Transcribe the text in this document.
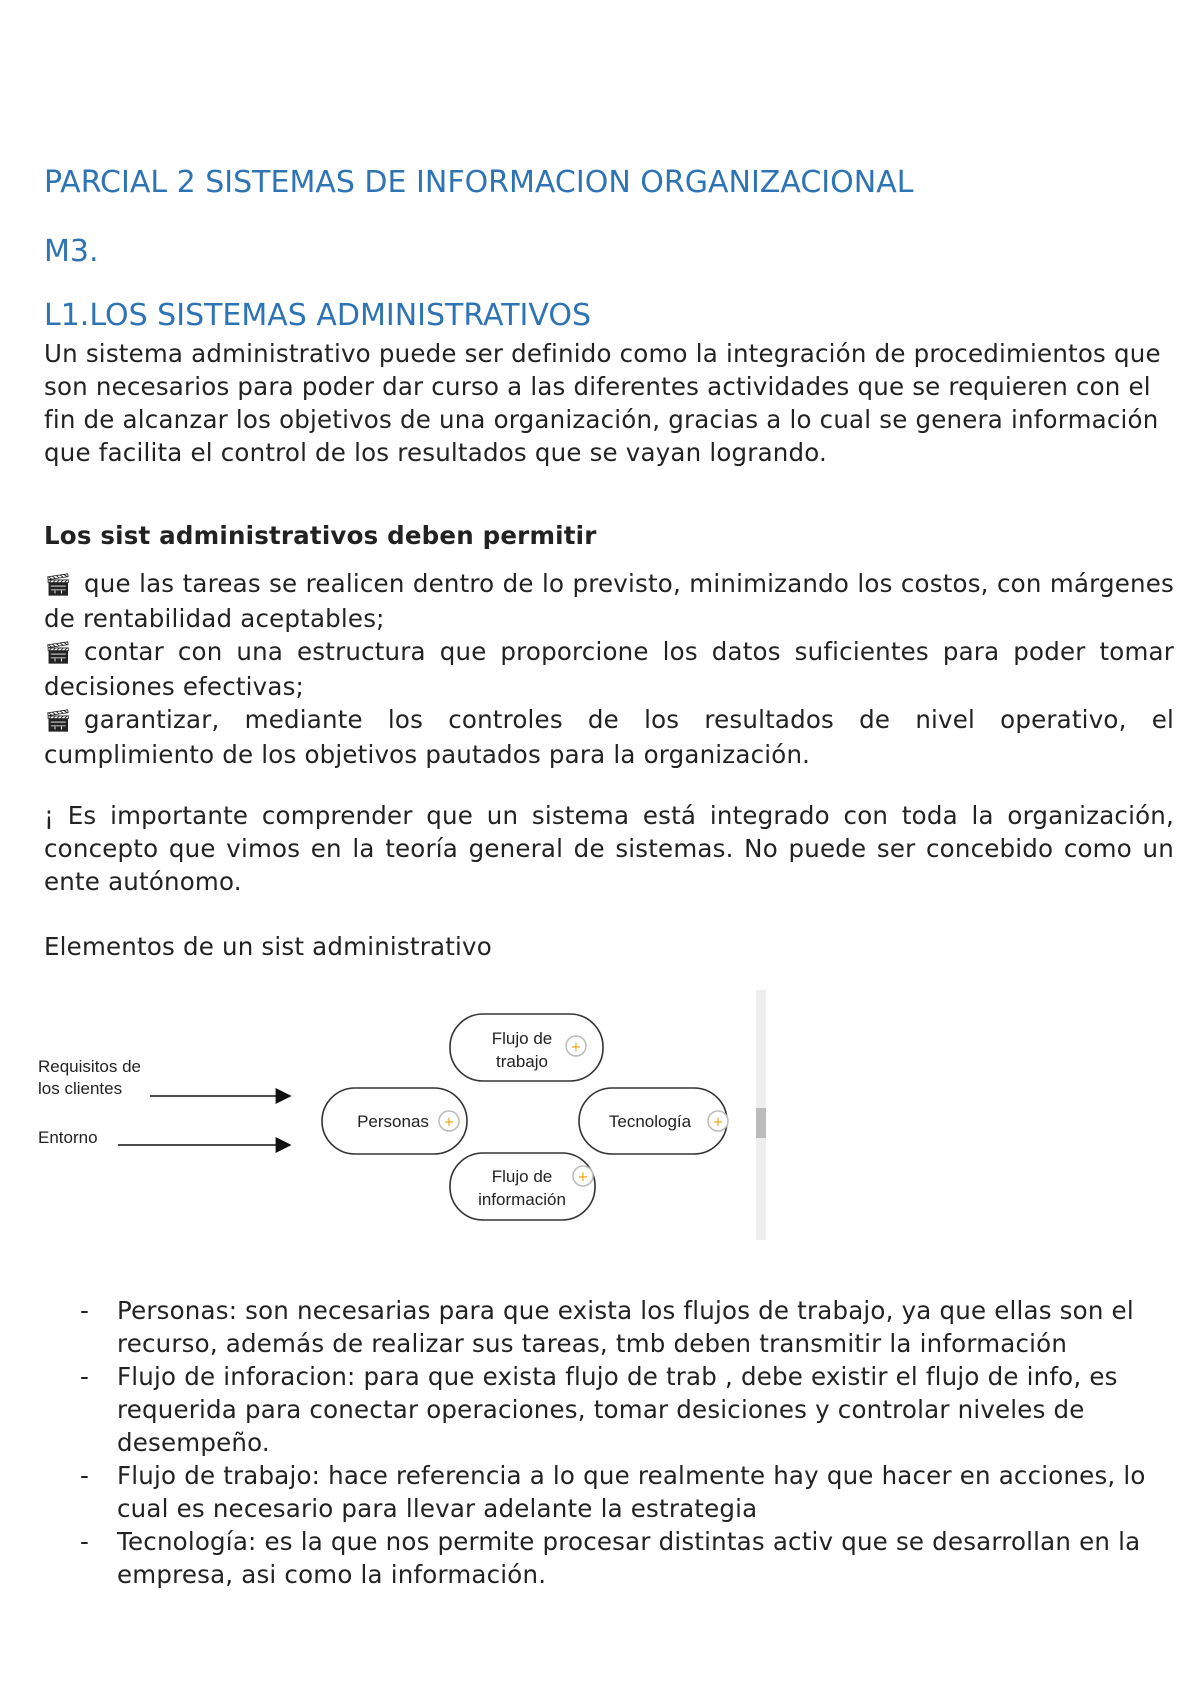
PARCIAL 2 SISTEMAS DE INFORMACION ORGANIZACIONAL
M3.
L1.LOS SISTEMAS ADMINISTRATIVOS
Un sistema administrativo puede ser definido como la integración de procedimientos que son necesarios para poder dar curso a las diferentes actividades que se requieren con el fin de alcanzar los objetivos de una organización, gracias a lo cual se genera información que facilita el control de los resultados que se vayan logrando.
Los sist administrativos deben permitir
🎬︎ que las tareas se realicen dentro de lo previsto, minimizando los costos, con márgenes de rentabilidad aceptables;
🎬︎ contar con una estructura que proporcione los datos suficientes para poder tomar decisiones efectivas;
🎬︎ garantizar, mediante los controles de los resultados de nivel operativo, el cumplimiento de los objetivos pautados para la organización.
¡ Es importante comprender que un sistema está integrado con toda la organización, concepto que vimos en la teoría general de sistemas. No puede ser concebido como un ente autónomo.
Elementos de un sist administrativo
Requisitos de
los clientes
Entorno
Flujo de
trabajo
+
Personas +	Tecnología +
Flujo de
información
+
- Personas: son necesarias para que exista los flujos de trabajo, ya que ellas son el recurso, además de realizar sus tareas, tmb deben transmitir la información
- Flujo de inforacion: para que exista flujo de trab , debe existir el flujo de info, es requerida para conectar operaciones, tomar desiciones y controlar niveles de desempeño.
- Flujo de trabajo: hace referencia a lo que realmente hay que hacer en acciones, lo cual es necesario para llevar adelante la estrategia
- Tecnología: es la que nos permite procesar distintas activ que se desarrollan en la empresa, asi como la información.
